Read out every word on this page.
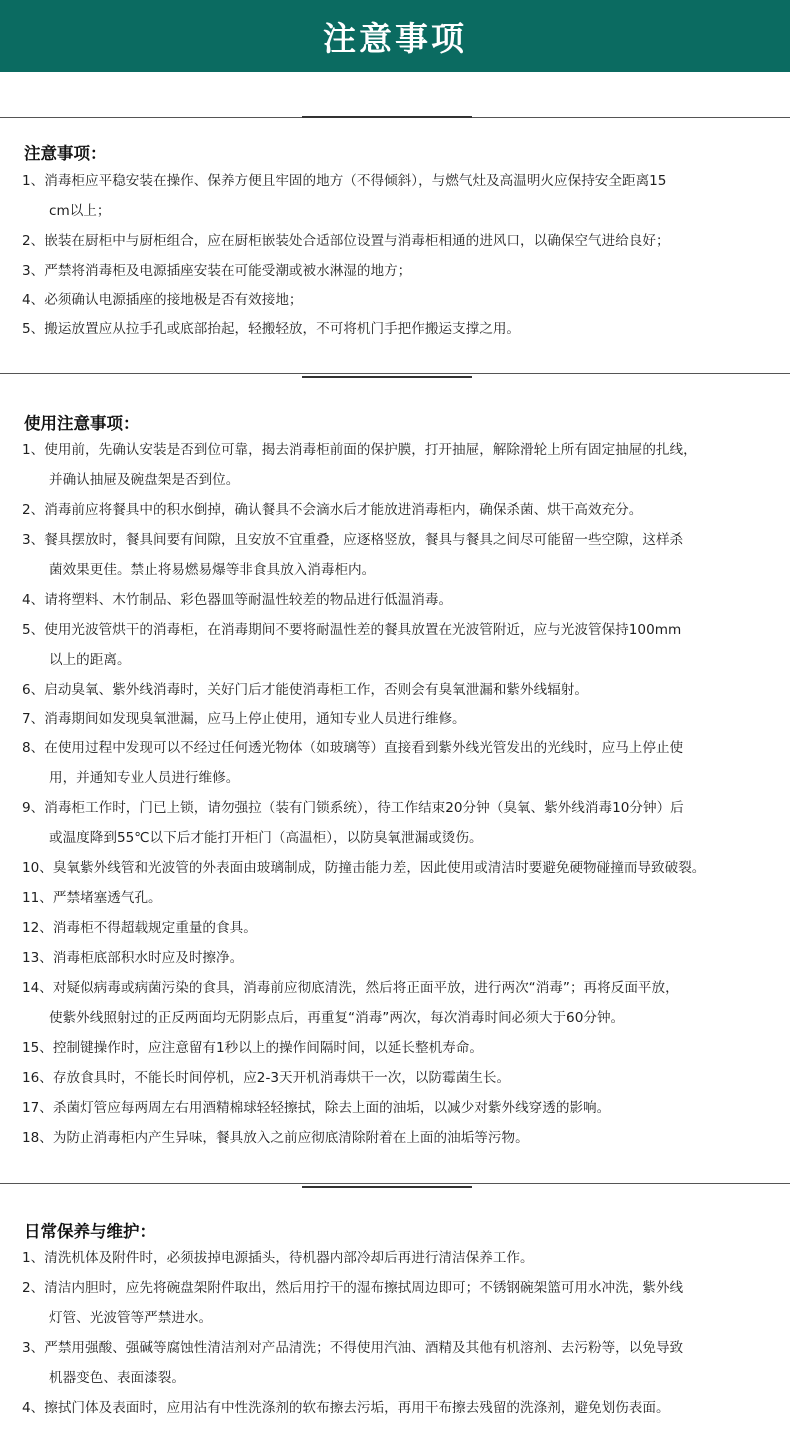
注意事项
注意事项：
1、消毒柜应平稳安装在操作、保养方便且牢固的地方（不得倾斜），与燃气灶及高温明火应保持安全距离15
cm以上；
2、嵌装在厨柜中与厨柜组合，应在厨柜嵌装处合适部位设置与消毒柜相通的进风口，以确保空气进给良好；
3、严禁将消毒柜及电源插座安装在可能受潮或被水淋湿的地方；
4、必须确认电源插座的接地极是否有效接地；
5、搬运放置应从拉手孔或底部抬起，轻搬轻放，不可将机门手把作搬运支撑之用。
使用注意事项：
1、使用前，先确认安装是否到位可靠，揭去消毒柜前面的保护膜，打开抽屉，解除滑轮上所有固定抽屉的扎线，
并确认抽屉及碗盘架是否到位。
2、消毒前应将餐具中的积水倒掉，确认餐具不会滴水后才能放进消毒柜内，确保杀菌、烘干高效充分。
3、餐具摆放时，餐具间要有间隙，且安放不宜重叠，应逐格竖放，餐具与餐具之间尽可能留一些空隙，这样杀
菌效果更佳。禁止将易燃易爆等非食具放入消毒柜内。
4、请将塑料、木竹制品、彩色器皿等耐温性较差的物品进行低温消毒。
5、使用光波管烘干的消毒柜，在消毒期间不要将耐温性差的餐具放置在光波管附近，应与光波管保持100mm
以上的距离。
6、启动臭氧、紫外线消毒时，关好门后才能使消毒柜工作，否则会有臭氧泄漏和紫外线辐射。
7、消毒期间如发现臭氧泄漏，应马上停止使用，通知专业人员进行维修。
8、在使用过程中发现可以不经过任何透光物体（如玻璃等）直接看到紫外线光管发出的光线时，应马上停止使
用，并通知专业人员进行维修。
9、消毒柜工作时，门已上锁，请勿强拉（装有门锁系统），待工作结束20分钟（臭氧、紫外线消毒10分钟）后
或温度降到55℃以下后才能打开柜门（高温柜），以防臭氧泄漏或烫伤。
10、臭氧紫外线管和光波管的外表面由玻璃制成，防撞击能力差，因此使用或清洁时要避免硬物碰撞而导致破裂。
11、严禁堵塞透气孔。
12、消毒柜不得超载规定重量的食具。
13、消毒柜底部积水时应及时擦净。
14、对疑似病毒或病菌污染的食具，消毒前应彻底清洗，然后将正面平放，进行两次“消毒”；再将反面平放，
使紫外线照射过的正反两面均无阴影点后，再重复“消毒”两次，每次消毒时间必须大于60分钟。
15、控制键操作时，应注意留有1秒以上的操作间隔时间，以延长整机寿命。
16、存放食具时，不能长时间停机，应2-3天开机消毒烘干一次，以防霉菌生长。
17、杀菌灯管应每两周左右用酒精棉球轻轻擦拭，除去上面的油垢，以减少对紫外线穿透的影响。
18、为防止消毒柜内产生异味，餐具放入之前应彻底清除附着在上面的油垢等污物。
日常保养与维护：
1、清洗机体及附件时，必须拔掉电源插头，待机器内部冷却后再进行清洁保养工作。
2、清洁内胆时，应先将碗盘架附件取出，然后用拧干的湿布擦拭周边即可；不锈钢碗架篮可用水冲洗，紫外线
灯管、光波管等严禁进水。
3、严禁用强酸、强碱等腐蚀性清洁剂对产品清洗；不得使用汽油、酒精及其他有机溶剂、去污粉等，以免导致
机器变色、表面漆裂。
4、擦拭门体及表面时，应用沾有中性洗涤剂的软布擦去污垢，再用干布擦去残留的洗涤剂，避免划伤表面。
